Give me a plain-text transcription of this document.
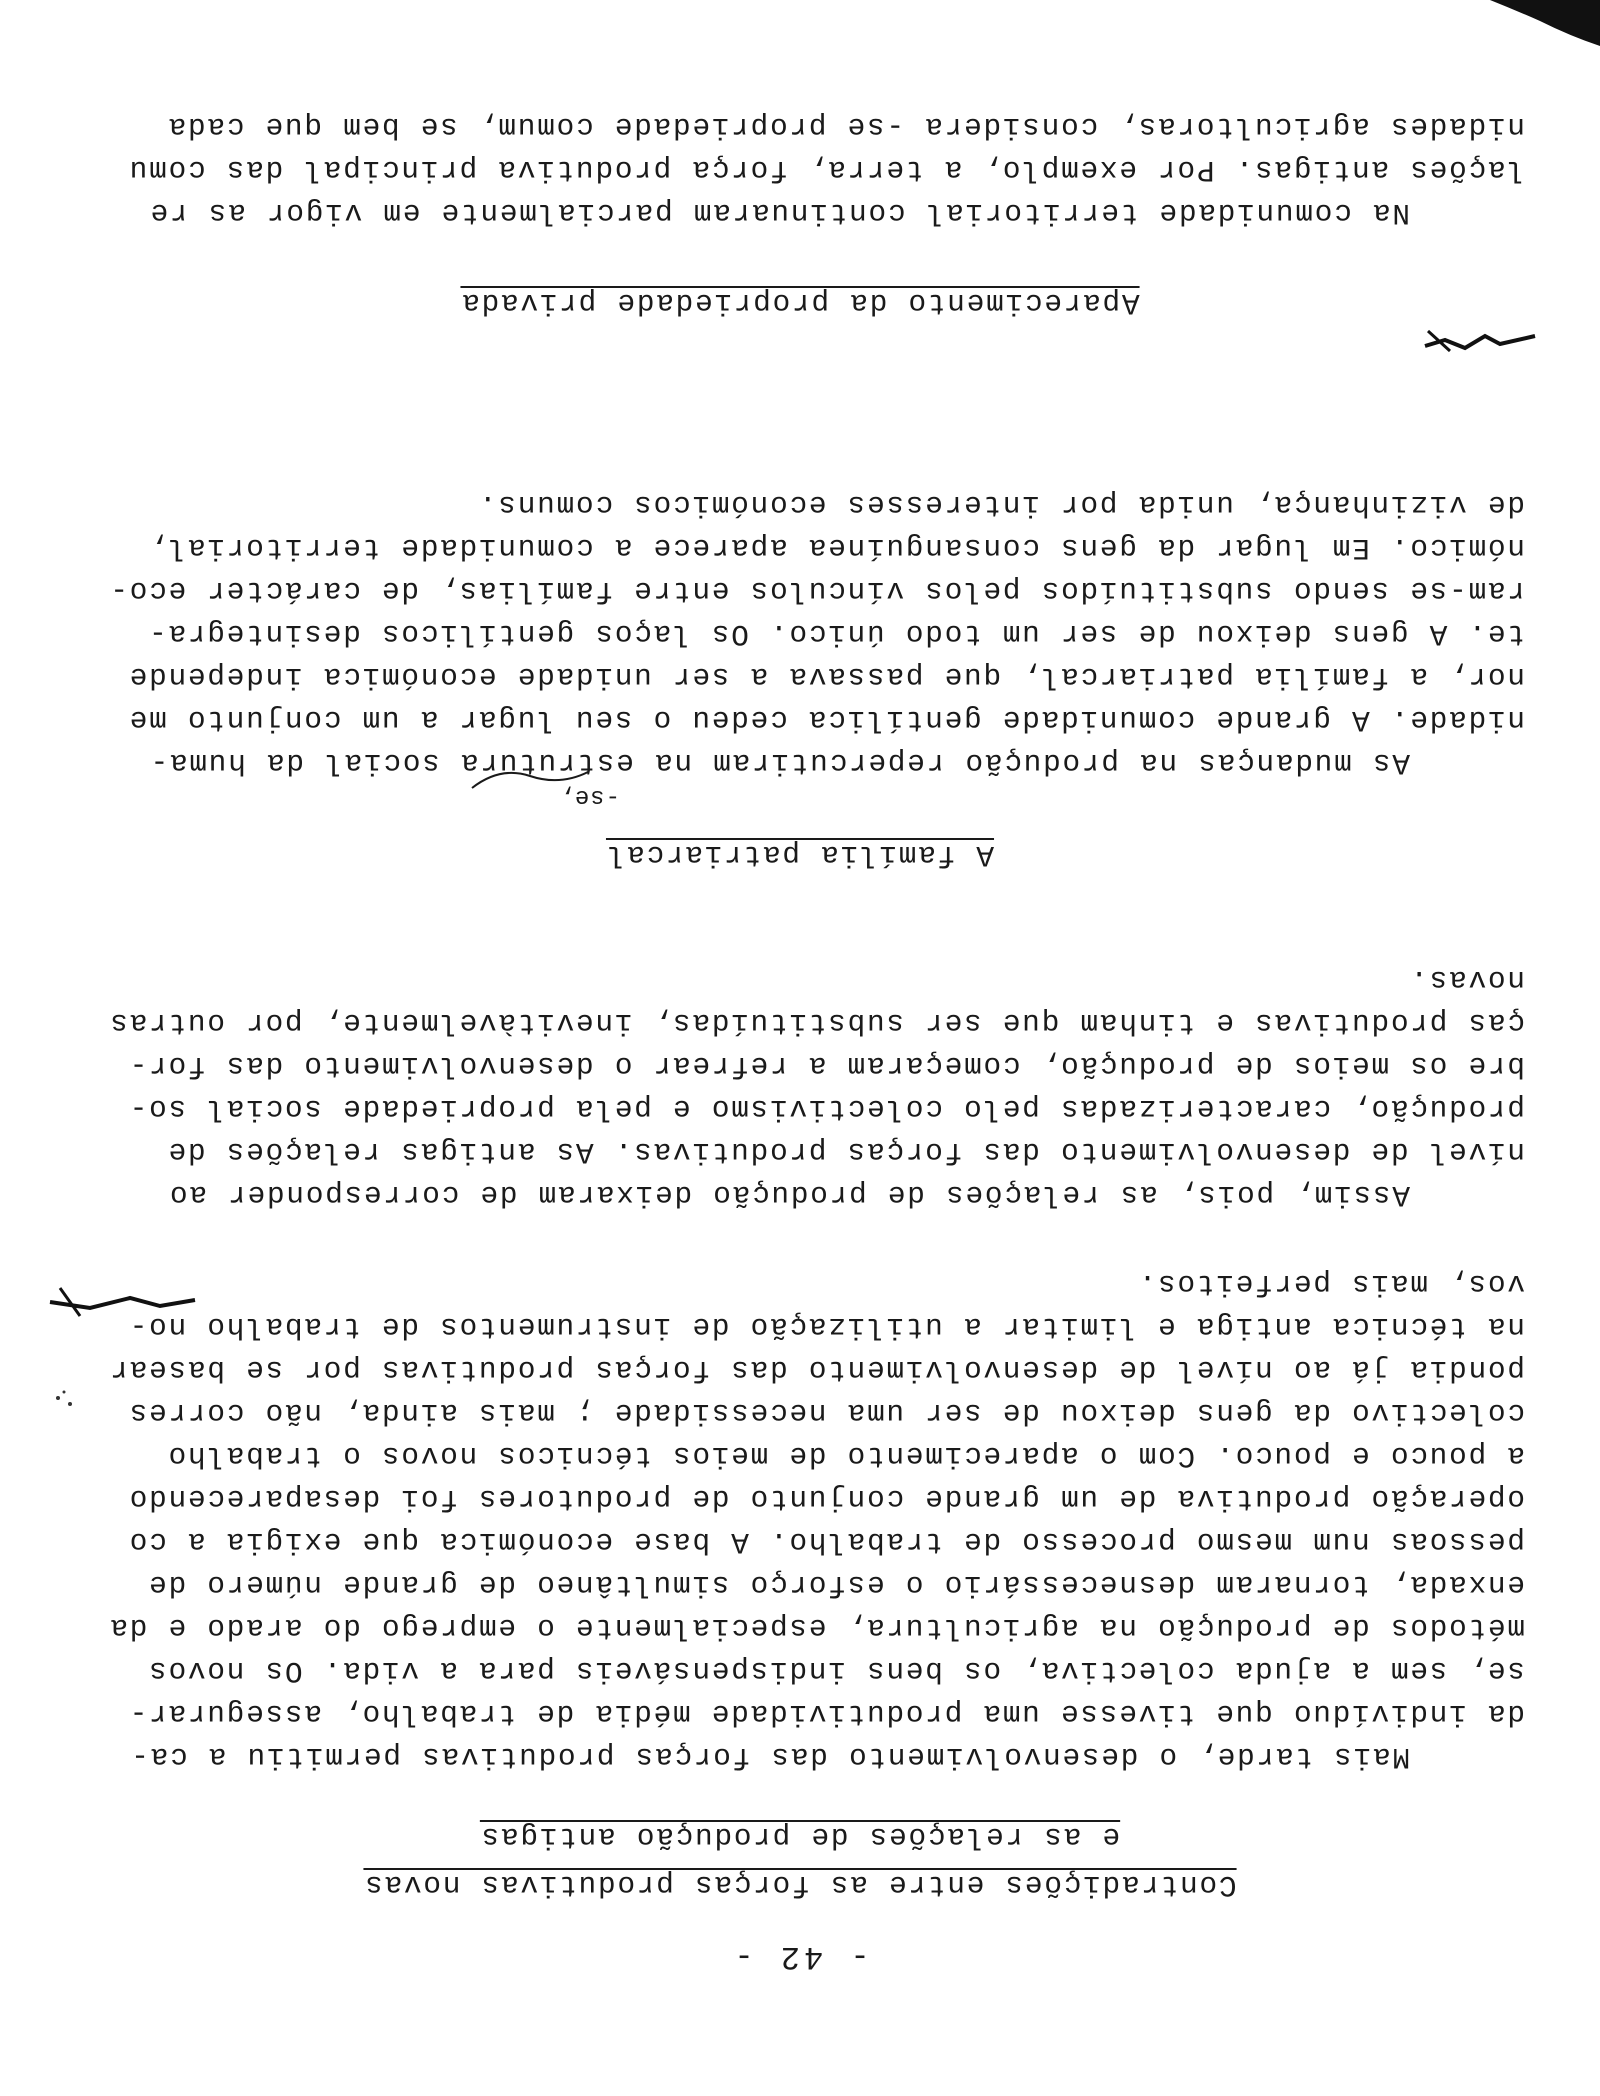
- 42 -
Contradições entre as forças produtivas novas
e as relações de produção antigas
Mais tarde, o desenvolvimento das forças produtivas permitiu a ca-
da indivíduo que tivesse uma produtividade média de trabalho, assegurar-
se, sem a ajuda colectiva, os bens indispensáveis para a vida. Os novos
métodos de produção na agricultura, especialmente o emprego do arado e da
enxada, tornaram desnecessário o esforço simultâneo de grande número de
pessoas num mesmo processo de trabalho. A base económica que exigia a co
operação produtiva de um grande conjunto de produtores foi desaparecendo
a pouco e pouco. Com o aparecimento de meios técnicos novos o trabalho
colectivo da gens deixou de ser uma necessidade ; mais ainda, não corres
pondia já ao nível de desenvolvimento das forças produtivas por se basear
na técnica antiga e limitar a utilização de instrumentos de trabalho no-
vos, mais perfeitos.
Assim, pois, as relações de produção deixaram de corresponder ao
nível de desenvolvimento das forças produtivas. As antigas relações de
produção, caracterizadas pelo colectivismo e pela propriedade social so-
bre os meios de produção, começaram a refrear o desenvolvimento das for-
ças produtivas e tinham que ser substituídas, inevitàvelmente, por outras
novas.
A família patriarcal
-se,
As mudanças na produção repercutiram na estrutura social da huma-
nidade. A grande comunidade gentílica cedeu o seu lugar a um conjunto me
nor, a família patriarcal, que passava a ser unidade económica independe
te. A gens deixou de ser um todo único. Os laços gentílicos desintegra-
ram-se sendo substituídos pelos vínculos entre famílias, de carácter eco-
nómico. Em lugar da gens consanguínea aparece a comunidade territorial,
de vizinhança, unida por interesses económicos comuns.
Aparecimento da propriedade privada
Na comunidade territorial continuaram parcialmente em vigor as re
lações antigas. Por exemplo, a terra, força produtiva principal das comu
nidades agricultoras, considera -se propriedade comum, se bem que cada
